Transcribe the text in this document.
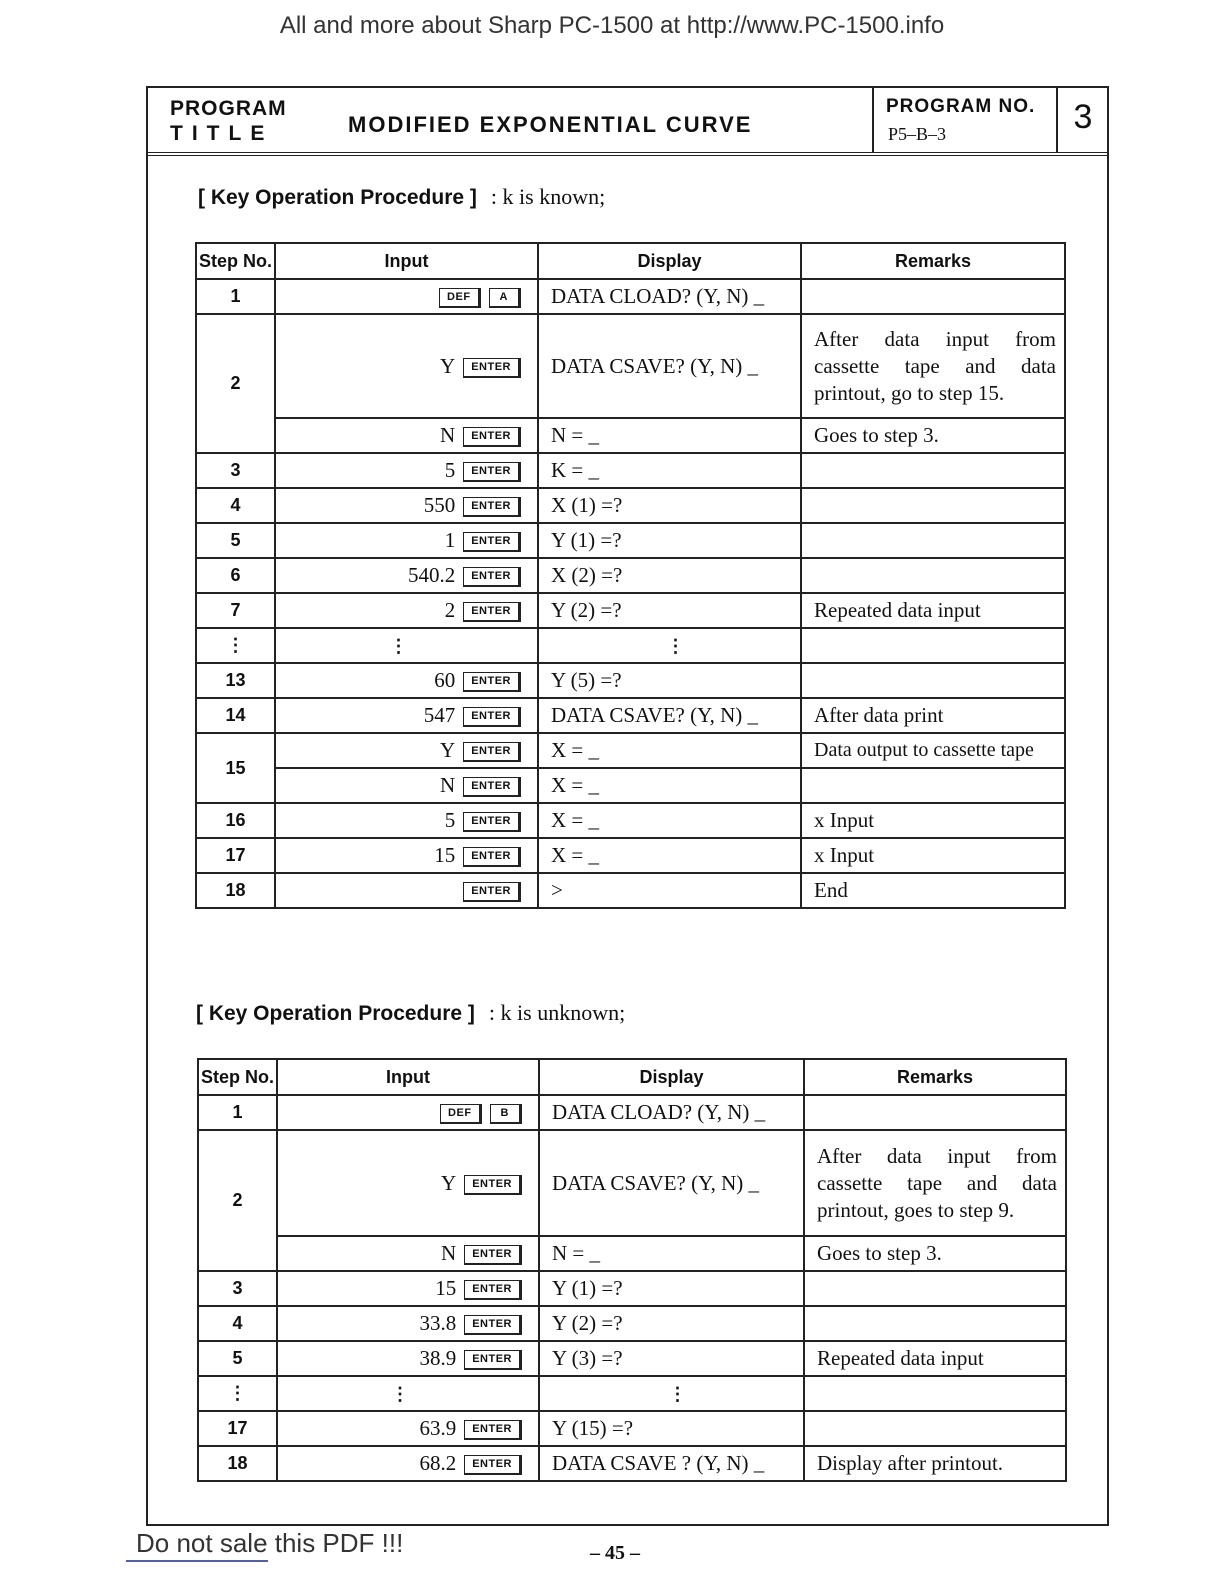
All and more about Sharp PC-1500 at http://www.PC-1500.info
PROGRAM
TITLE	MODIFIED EXPONENTIAL CURVE
PROGRAM NO.
P5–B–3	3
[ Key Operation Procedure ] : k is known;
Step No.	Input	Display	Remarks
1	DEF A	DATA CLOAD? (Y, N) _	
2	Y ENTER	DATA CSAVE? (Y, N) _	After data input from cassette tape and data printout, go to step 15.
	N ENTER	N = _	Goes to step 3.
3	5 ENTER	K = _	
4	550 ENTER	X (1) =?	
5	1 ENTER	Y (1) =?	
6	540.2 ENTER	X (2) =?	
7	2 ENTER	Y (2) =?	Repeated data input
⋮	⋮	⋮	
13	60 ENTER	Y (5) =?	
14	547 ENTER	DATA CSAVE? (Y, N) _	After data print
15	Y ENTER	X = _	Data output to cassette tape
	N ENTER	X = _	
16	5 ENTER	X = _	x Input
17	15 ENTER	X = _	x Input
18	ENTER	>	End
[ Key Operation Procedure ] : k is unknown;
Step No.	Input	Display	Remarks
1	DEF B	DATA CLOAD? (Y, N) _	
2	Y ENTER	DATA CSAVE? (Y, N) _	After data input from cassette tape and data printout, goes to step 9.
	N ENTER	N = _	Goes to step 3.
3	15 ENTER	Y (1) =?	
4	33.8 ENTER	Y (2) =?	
5	38.9 ENTER	Y (3) =?	Repeated data input
⋮	⋮	⋮	
17	63.9 ENTER	Y (15) =?	
18	68.2 ENTER	DATA CSAVE ? (Y, N) _	Display after printout.
Do not sale this PDF !!!	– 45 –
